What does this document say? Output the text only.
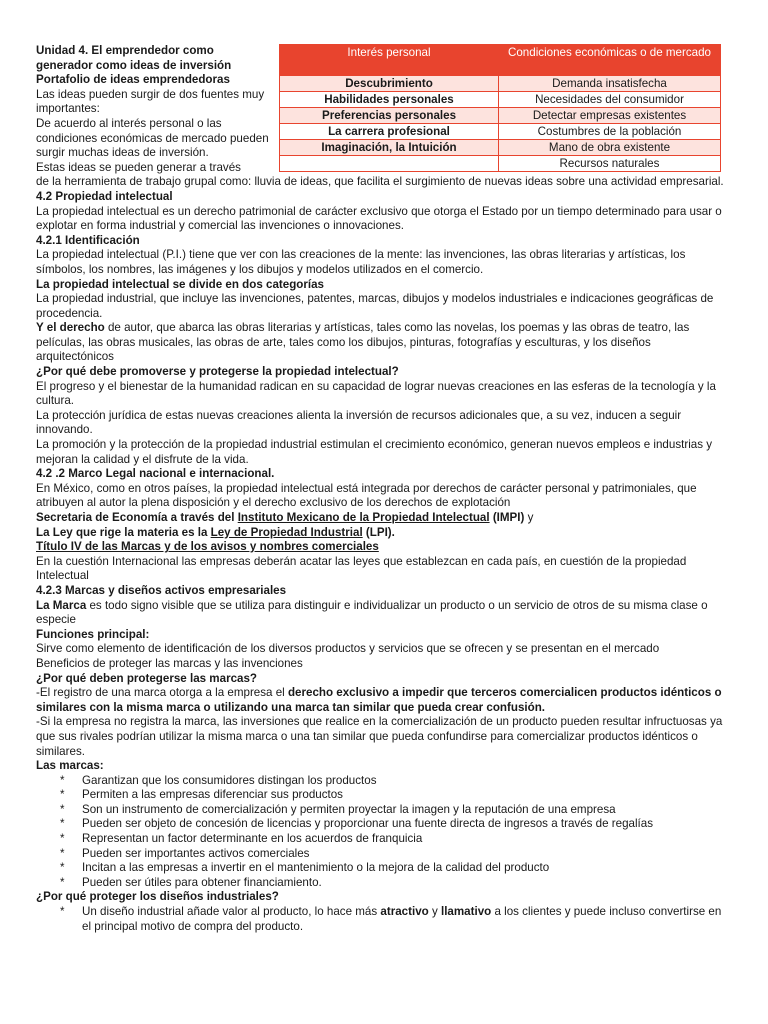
Interés personal	Condiciones económicas o de mercado
Descubrimiento	Demanda insatisfecha
Habilidades personales	Necesidades del consumidor
Preferencias personales	Detectar empresas existentes
La carrera profesional	Costumbres de la población
Imaginación, la Intuición	Mano de obra existente
	Recursos naturales

Unidad 4. El emprendedor como generador como ideas de inversión Portafolio de ideas emprendedoras

Las ideas pueden surgir de dos fuentes muy importantes:

De acuerdo al interés personal o las condiciones económicas de mercado pueden surgir muchas ideas de inversión.

Estas ideas se pueden generar a través

de la herramienta de trabajo grupal como: lluvia de ideas, que facilita el surgimiento de nuevas ideas sobre una actividad empresarial.

4.2 Propiedad intelectual

La propiedad intelectual es un derecho patrimonial de carácter exclusivo que otorga el Estado por un tiempo determinado para usar o explotar en forma industrial y comercial las invenciones o innovaciones.

4.2.1 Identificación

La propiedad intelectual (P.I.) tiene que ver con las creaciones de la mente: las invenciones, las obras literarias y artísticas, los símbolos, los nombres, las imágenes y los dibujos y modelos utilizados en el comercio.

La propiedad intelectual se divide en dos categorías

La propiedad industrial, que incluye las invenciones, patentes, marcas, dibujos y modelos industriales e indicaciones geográficas de procedencia.

Y el derecho de autor, que abarca las obras literarias y artísticas, tales como las novelas, los poemas y las obras de teatro, las películas, las obras musicales, las obras de arte, tales como los dibujos, pinturas, fotografías y esculturas, y los diseños arquitectónicos

¿Por qué debe promoverse y protegerse la propiedad intelectual?

El progreso y el bienestar de la humanidad radican en su capacidad de lograr nuevas creaciones en las esferas de la tecnología y la cultura.

La protección jurídica de estas nuevas creaciones alienta la inversión de recursos adicionales que, a su vez, inducen a seguir innovando.

La promoción y la protección de la propiedad industrial estimulan el crecimiento económico, generan nuevos empleos e industrias y mejoran la calidad y el disfrute de la vida.

4.2 .2 Marco Legal nacional e internacional.

En México, como en otros países, la propiedad intelectual está integrada por derechos de carácter personal y patrimoniales, que atribuyen al autor la plena disposición y el derecho exclusivo de los derechos de explotación

Secretaria de Economía a través del Instituto Mexicano de la Propiedad Intelectual (IMPI) y

La Ley que rige la materia es la Ley de Propiedad Industrial (LPI).

Título IV de las Marcas y de los avisos y nombres comerciales

En la cuestión Internacional las empresas deberán acatar las leyes que establezcan en cada país, en cuestión de la propiedad Intelectual

4.2.3 Marcas y diseños activos empresariales

La Marca es todo signo visible que se utiliza para distinguir e individualizar un producto o un servicio de otros de su misma clase o especie

Funciones principal:

Sirve como elemento de identificación de los diversos productos y servicios que se ofrecen y se presentan en el mercado

Beneficios de proteger las marcas y las invenciones

¿Por qué deben protegerse las marcas?

-El registro de una marca otorga a la empresa el derecho exclusivo a impedir que terceros comercialicen productos idénticos o similares con la misma marca o utilizando una marca tan similar que pueda crear confusión.

-Si la empresa no registra la marca, las inversiones que realice en la comercialización de un producto pueden resultar infructuosas ya que sus rivales podrían utilizar la misma marca o una tan similar que pueda confundirse para comercializar productos idénticos o similares.

Las marcas:

* Garantizan que los consumidores distingan los productos
* Permiten a las empresas diferenciar sus productos
* Son un instrumento de comercialización y permiten proyectar la imagen y la reputación de una empresa
* Pueden ser objeto de concesión de licencias y proporcionar una fuente directa de ingresos a través de regalías
* Representan un factor determinante en los acuerdos de franquicia
* Pueden ser importantes activos comerciales
* Incitan a las empresas a invertir en el mantenimiento o la mejora de la calidad del producto
* Pueden ser útiles para obtener financiamiento.

¿Por qué proteger los diseños industriales?

* Un diseño industrial añade valor al producto, lo hace más atractivo y llamativo a los clientes y puede incluso convertirse en el principal motivo de compra del producto.
